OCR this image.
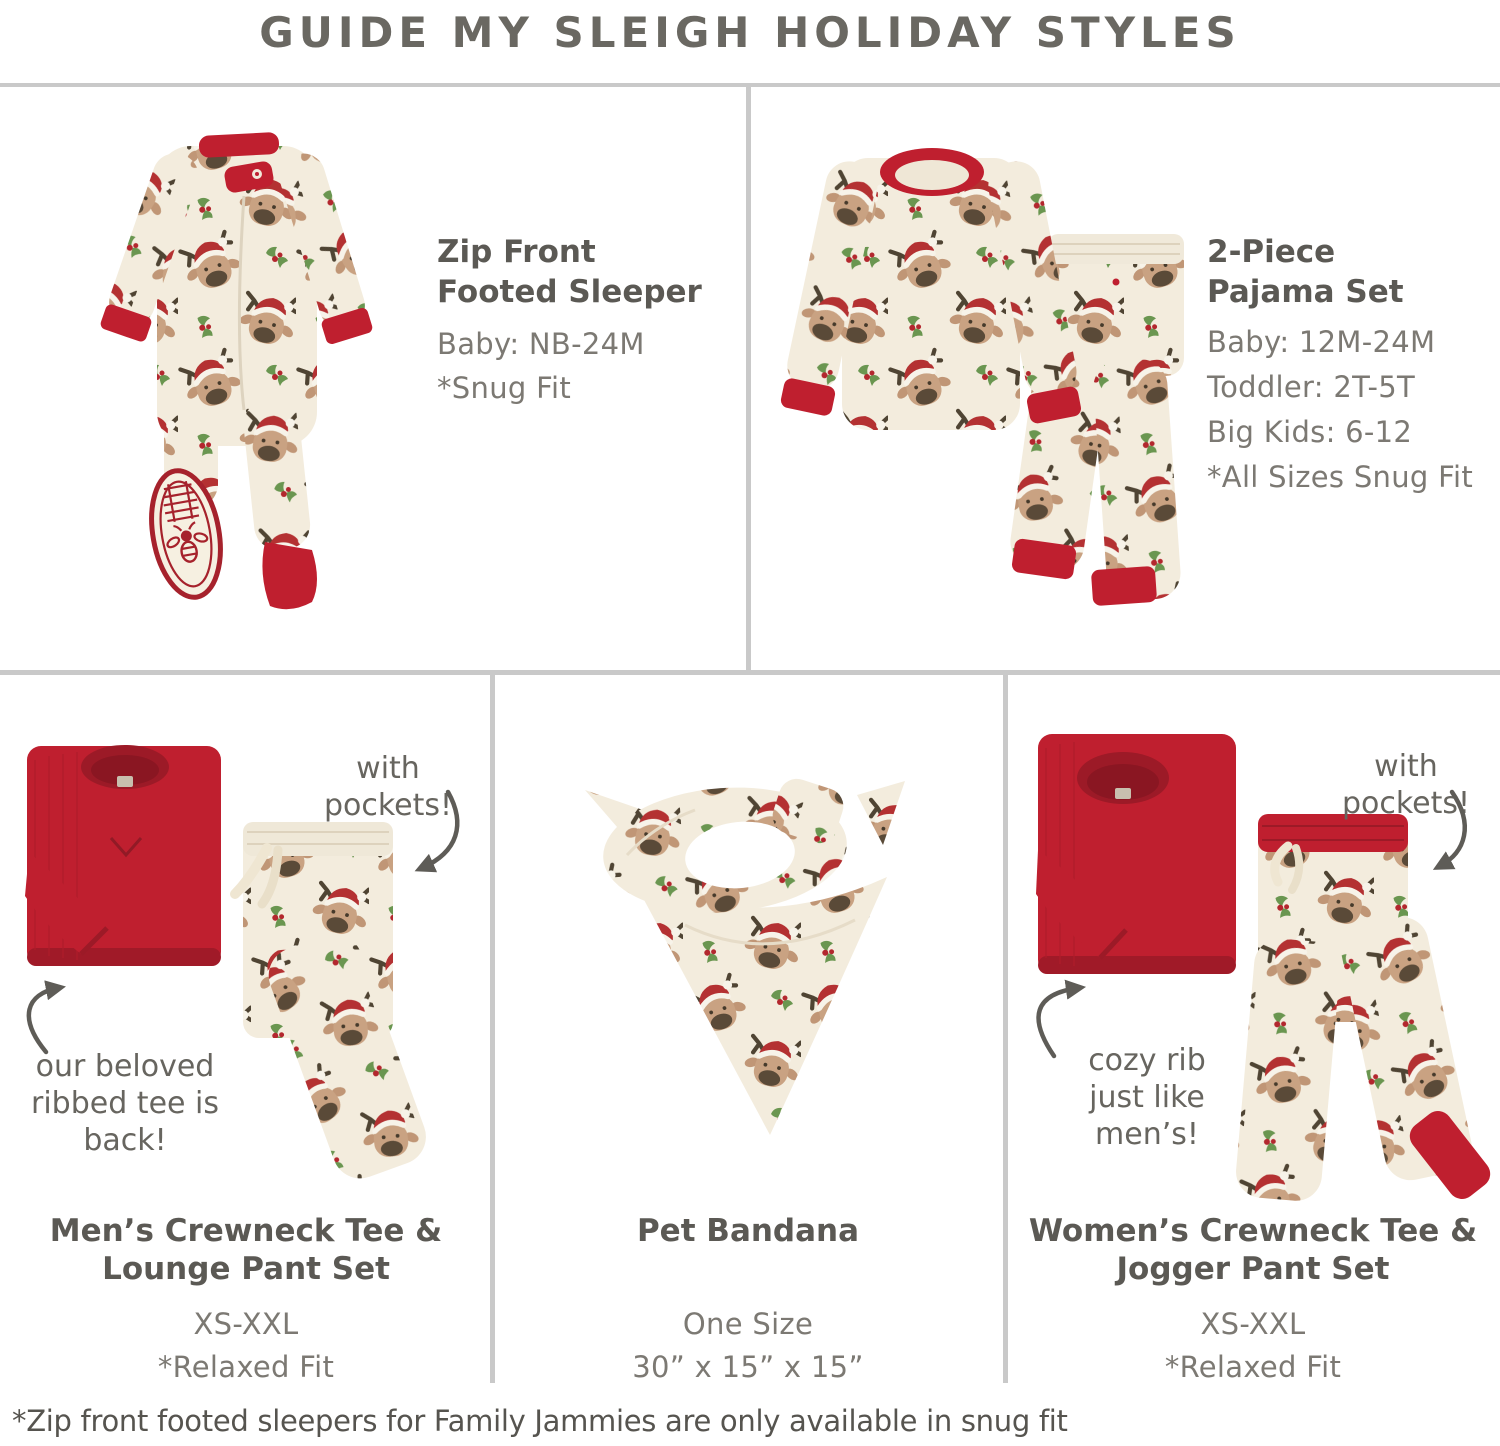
GUIDE MY SLEIGH HOLIDAY STYLES
Zip Front
Footed Sleeper
Baby: NB-24M
*Snug Fit
2-Piece
Pajama Set
Baby: 12M-24M
Toddler: 2T-5T
Big Kids: 6-12
*All Sizes Snug Fit
with pockets!
our beloved ribbed tee is back!
Men’s Crewneck Tee &
Lounge Pant Set
XS-XXL
*Relaxed Fit
Pet Bandana
One Size
30” x 15” x 15”
with pockets!
cozy rib just like men’s!
Women’s Crewneck Tee &
Jogger Pant Set
XS-XXL
*Relaxed Fit
*Zip front footed sleepers for Family Jammies are only available in snug fit
